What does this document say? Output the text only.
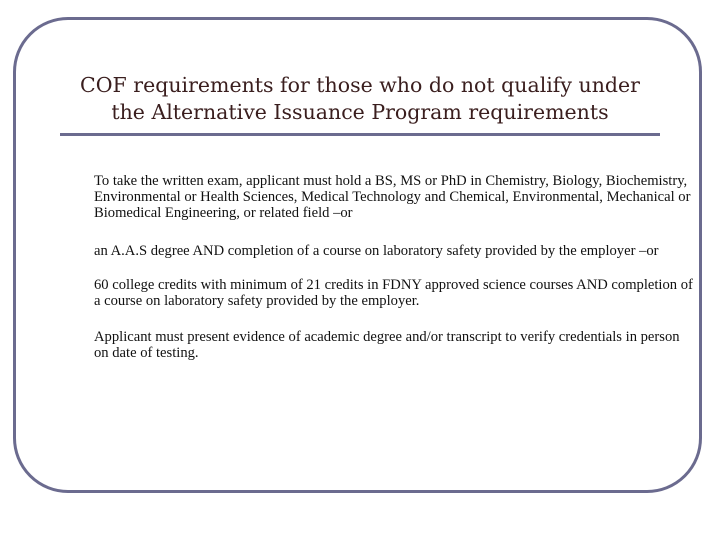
COF requirements for those who do not qualify under
the Alternative Issuance Program requirements

To take the written exam, applicant must hold a BS, MS or PhD in Chemistry, Biology, Biochemistry, Environmental or Health Sciences, Medical Technology and Chemical, Environmental, Mechanical or Biomedical Engineering, or related field –or

an A.A.S degree AND completion of a course on laboratory safety provided by the employer –or

60 college credits with minimum of 21 credits in FDNY approved science courses AND completion of a course on laboratory safety provided by the employer.

Applicant must present evidence of academic degree and/or transcript to verify credentials in person on date of testing.
